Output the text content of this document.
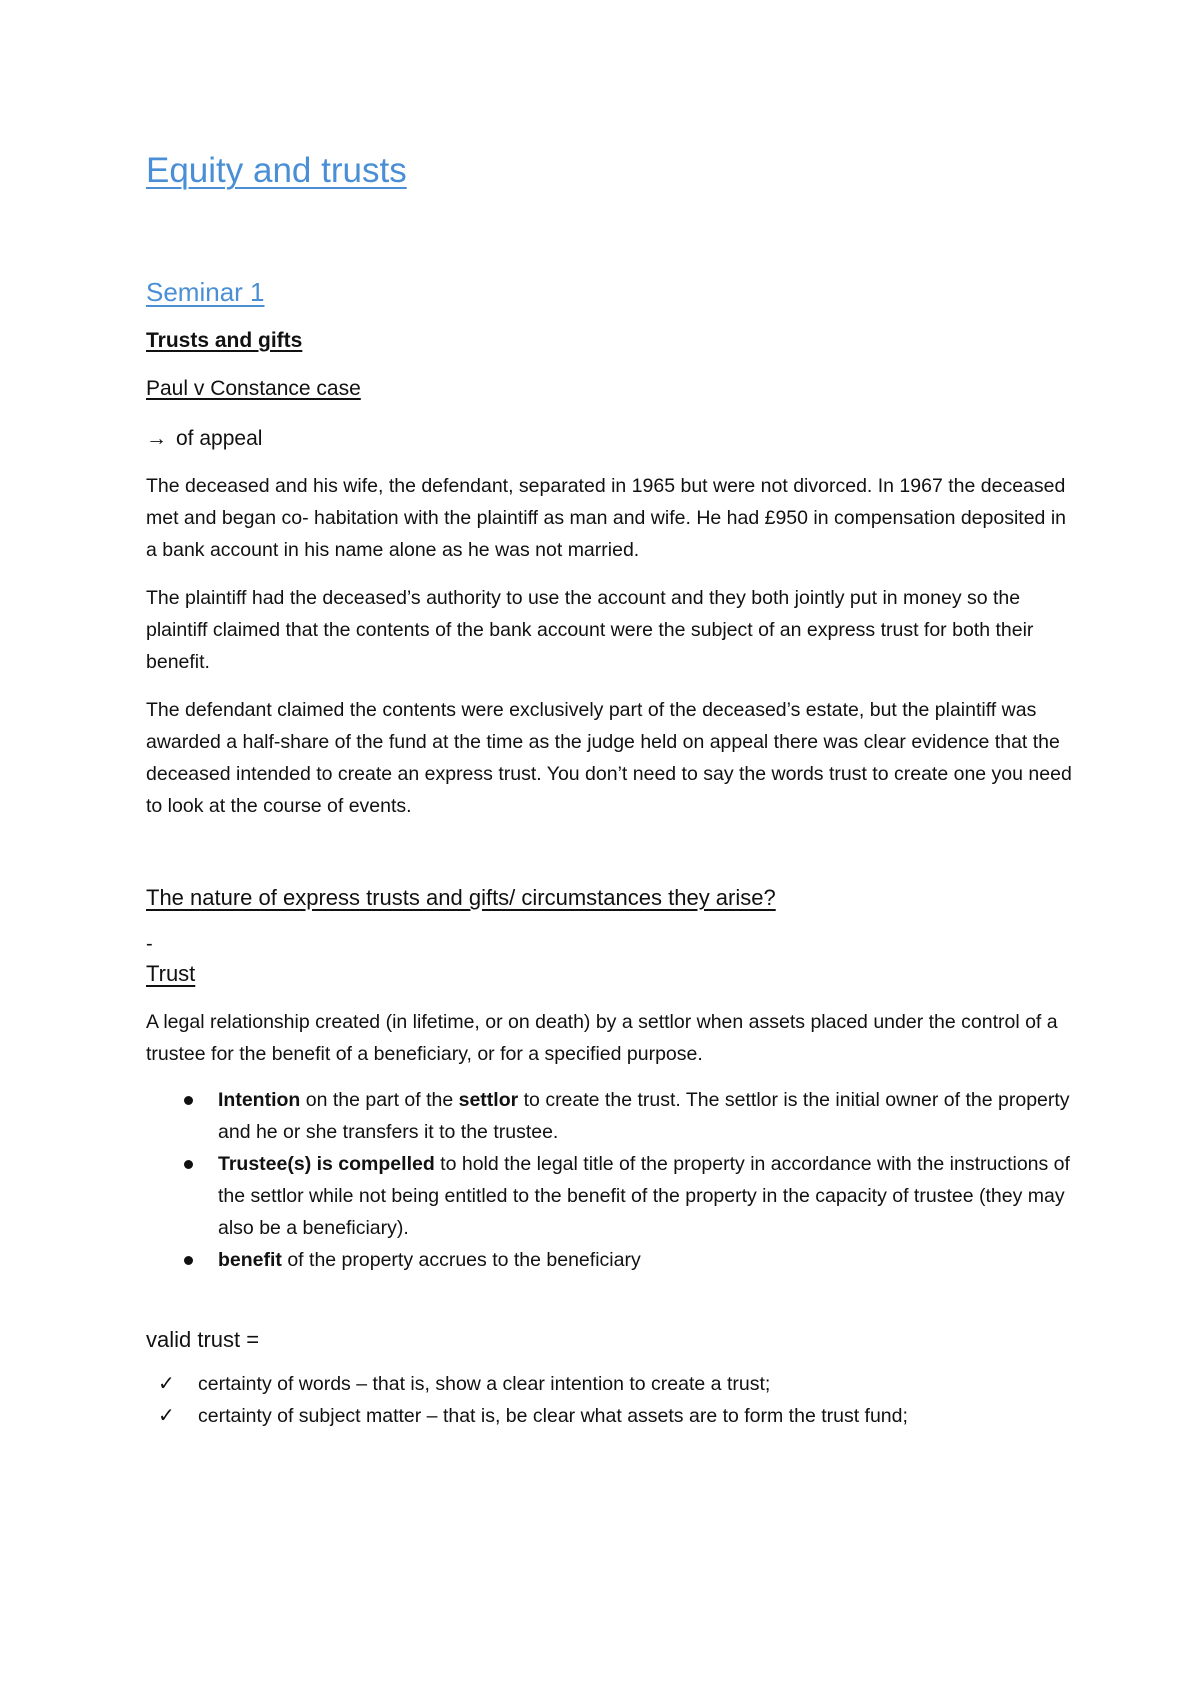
Equity and trusts
Seminar 1
Trusts and gifts
Paul v Constance case
→ of appeal

The deceased and his wife, the defendant, separated in 1965 but were not divorced. In 1967 the deceased met and began co- habitation with the plaintiff as man and wife. He had £950 in compensation deposited in a bank account in his name alone as he was not married.

The plaintiff had the deceased’s authority to use the account and they both jointly put in money so the plaintiff claimed that the contents of the bank account were the subject of an express trust for both their benefit.

The defendant claimed the contents were exclusively part of the deceased’s estate, but the plaintiff was awarded a half-share of the fund at the time as the judge held on appeal there was clear evidence that the deceased intended to create an express trust. You don’t need to say the words trust to create one you need to look at the course of events.

The nature of express trusts and gifts/ circumstances they arise?
-
Trust

A legal relationship created (in lifetime, or on death) by a settlor when assets placed under the control of a trustee for the benefit of a beneficiary, or for a specified purpose.

Intention on the part of the settlor to create the trust. The settlor is the initial owner of the property and he or she transfers it to the trustee.
Trustee(s) is compelled to hold the legal title of the property in accordance with the instructions of the settlor while not being entitled to the benefit of the property in the capacity of trustee (they may also be a beneficiary).
benefit of the property accrues to the beneficiary
valid trust =
✓ certainty of words – that is, show a clear intention to create a trust;
✓ certainty of subject matter – that is, be clear what assets are to form the trust fund;
